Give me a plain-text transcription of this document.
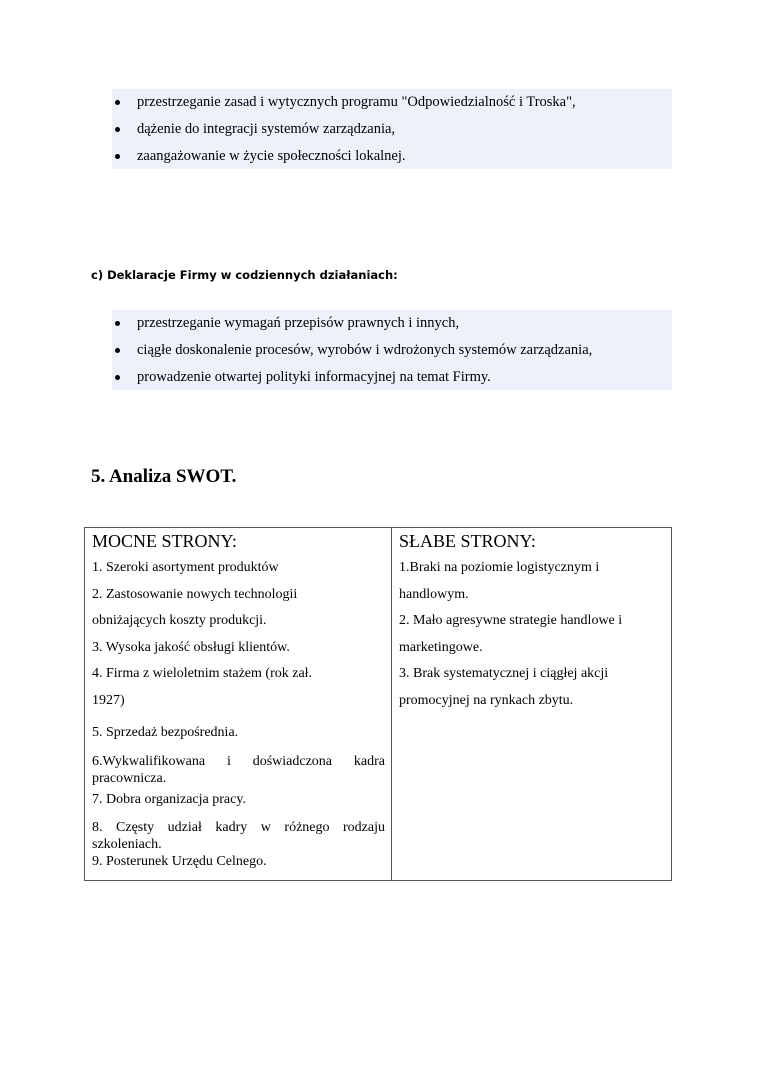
przestrzeganie zasad i wytycznych programu "Odpowiedzialność i Troska",
dążenie do integracji systemów zarządzania,
zaangażowanie w życie społeczności lokalnej.
c) Deklaracje Firmy w codziennych działaniach:
przestrzeganie wymagań przepisów prawnych i innych,
ciągłe doskonalenie procesów, wyrobów i wdrożonych systemów zarządzania,
prowadzenie otwartej polityki informacyjnej na temat Firmy.
5. Analiza SWOT.
MOCNE STRONY:
1. Szeroki asortyment produktów
2. Zastosowanie nowych technologii
obniżających koszty produkcji.
3. Wysoka jakość obsługi klientów.
4. Firma z wieloletnim stażem (rok zał.
1927)
5. Sprzedaż bezpośrednia.
6.Wykwalifikowana i doświadczona kadra pracownicza.
7. Dobra organizacja pracy.
8. Częsty udział kadry w różnego rodzaju szkoleniach.
9. Posterunek Urzędu Celnego.

SŁABE STRONY:
1.Braki na poziomie logistycznym i
handlowym.
2. Mało agresywne strategie handlowe i
marketingowe.
3. Brak systematycznej i ciągłej akcji
promocyjnej na rynkach zbytu.
